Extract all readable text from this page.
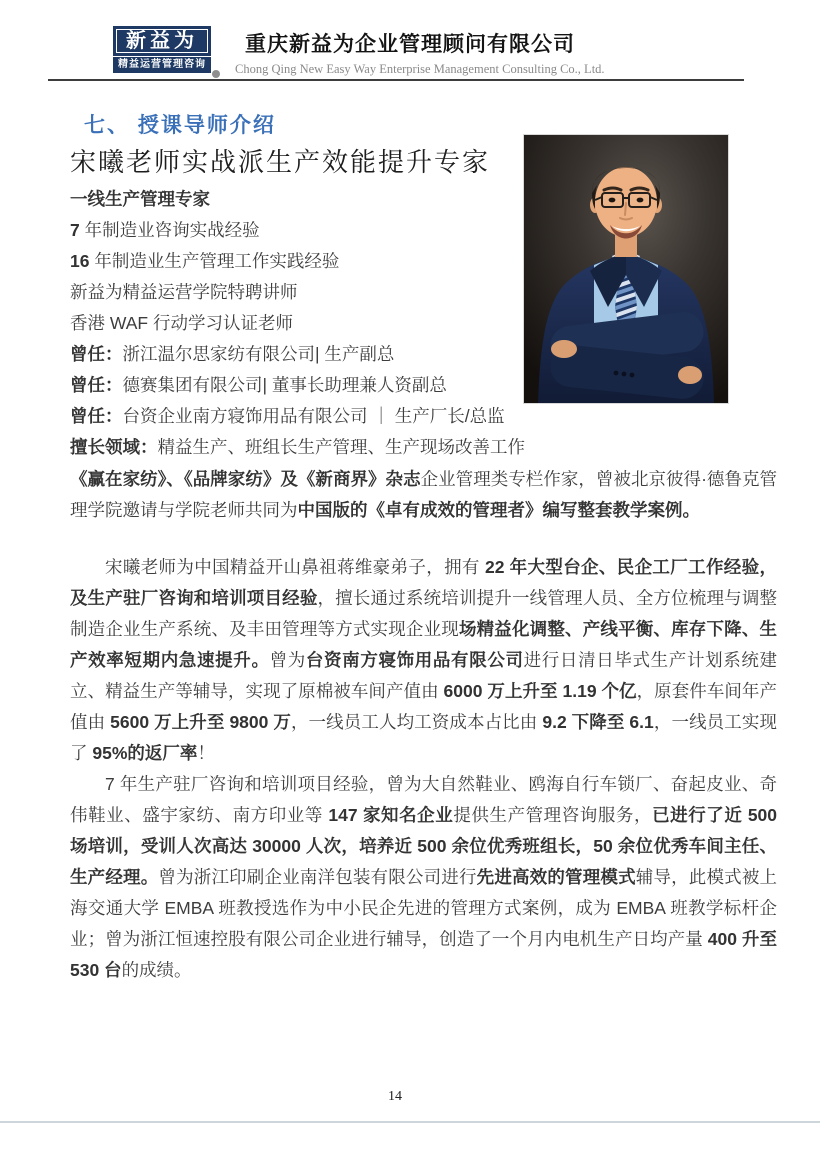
新益为
精益运营管理咨询
重庆新益为企业管理顾问有限公司
Chong Qing New Easy Way Enterprise Management Consulting Co., Ltd.
七、 授课导师介绍
宋曦老师实战派生产效能提升专家
一线生产管理专家
7 年制造业咨询实战经验
16 年制造业生产管理工作实践经验
新益为精益运营学院特聘讲师
香港 WAF 行动学习认证老师
曾任：浙江温尔思家纺有限公司| 生产副总
曾任：德赛集团有限公司| 董事长助理兼人资副总
曾任：台资企业南方寝饰用品有限公司 ｜ 生产厂长/总监
擅长领域：精益生产、班组长生产管理、生产现场改善工作

《赢在家纺》、《品牌家纺》及《新商界》杂志企业管理类专栏作家，曾被北京彼得·德鲁克管理学院邀请与学院老师共同为中国版的《卓有成效的管理者》编写整套教学案例。

宋曦老师为中国精益开山鼻祖蒋维豪弟子，拥有 22 年大型台企、民企工厂工作经验，及生产驻厂咨询和培训项目经验，擅长通过系统培训提升一线管理人员、全方位梳理与调整制造企业生产系统、及丰田管理等方式实现企业现场精益化调整、产线平衡、库存下降、生产效率短期内急速提升。曾为台资南方寝饰用品有限公司进行日清日毕式生产计划系统建立、精益生产等辅导，实现了原棉被车间产值由 6000 万上升至 1.19 个亿，原套件车间年产值由 5600 万上升至 9800 万，一线员工人均工资成本占比由 9.2 下降至 6.1，一线员工实现了 95%的返厂率！

7 年生产驻厂咨询和培训项目经验，曾为大自然鞋业、鸥海自行车锁厂、奋起皮业、奇伟鞋业、盛宇家纺、南方印业等 147 家知名企业提供生产管理咨询服务，已进行了近 500 场培训，受训人次高达 30000 人次，培养近 500 余位优秀班组长，50 余位优秀车间主任、生产经理。曾为浙江印刷企业南洋包装有限公司进行先进高效的管理模式辅导，此模式被上海交通大学 EMBA 班教授选作为中小民企先进的管理方式案例，成为 EMBA 班教学标杆企业；曾为浙江恒速控股有限公司企业进行辅导，创造了一个月内电机生产日均产量 400 升至 530 台的成绩。

14
